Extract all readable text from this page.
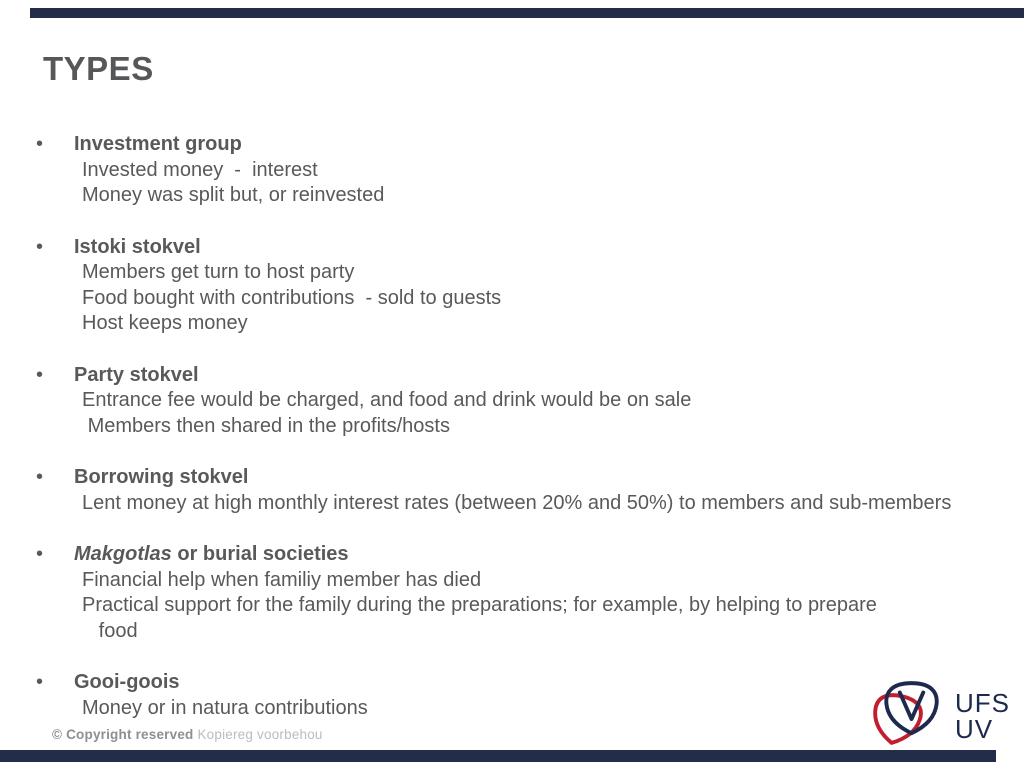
TYPES
•	Investment group
Invested money  -  interest
Money was split but, or reinvested
•	Istoki stokvel
Members get turn to host party
Food bought with contributions  - sold to guests
Host keeps money
•	Party stokvel
Entrance fee would be charged, and food and drink would be on sale
Members then shared in the profits/hosts
•	Borrowing stokvel
Lent money at high monthly interest rates (between 20% and 50%) to members and sub-members
•	Makgotlas or burial societies
Financial help when familiy member has died
Practical support for the family during the preparations; for example, by helping to prepare
food
•	Gooi-goois
Money or in natura contributions
© Copyright reserved Kopiereg voorbehou
UFS
UV
